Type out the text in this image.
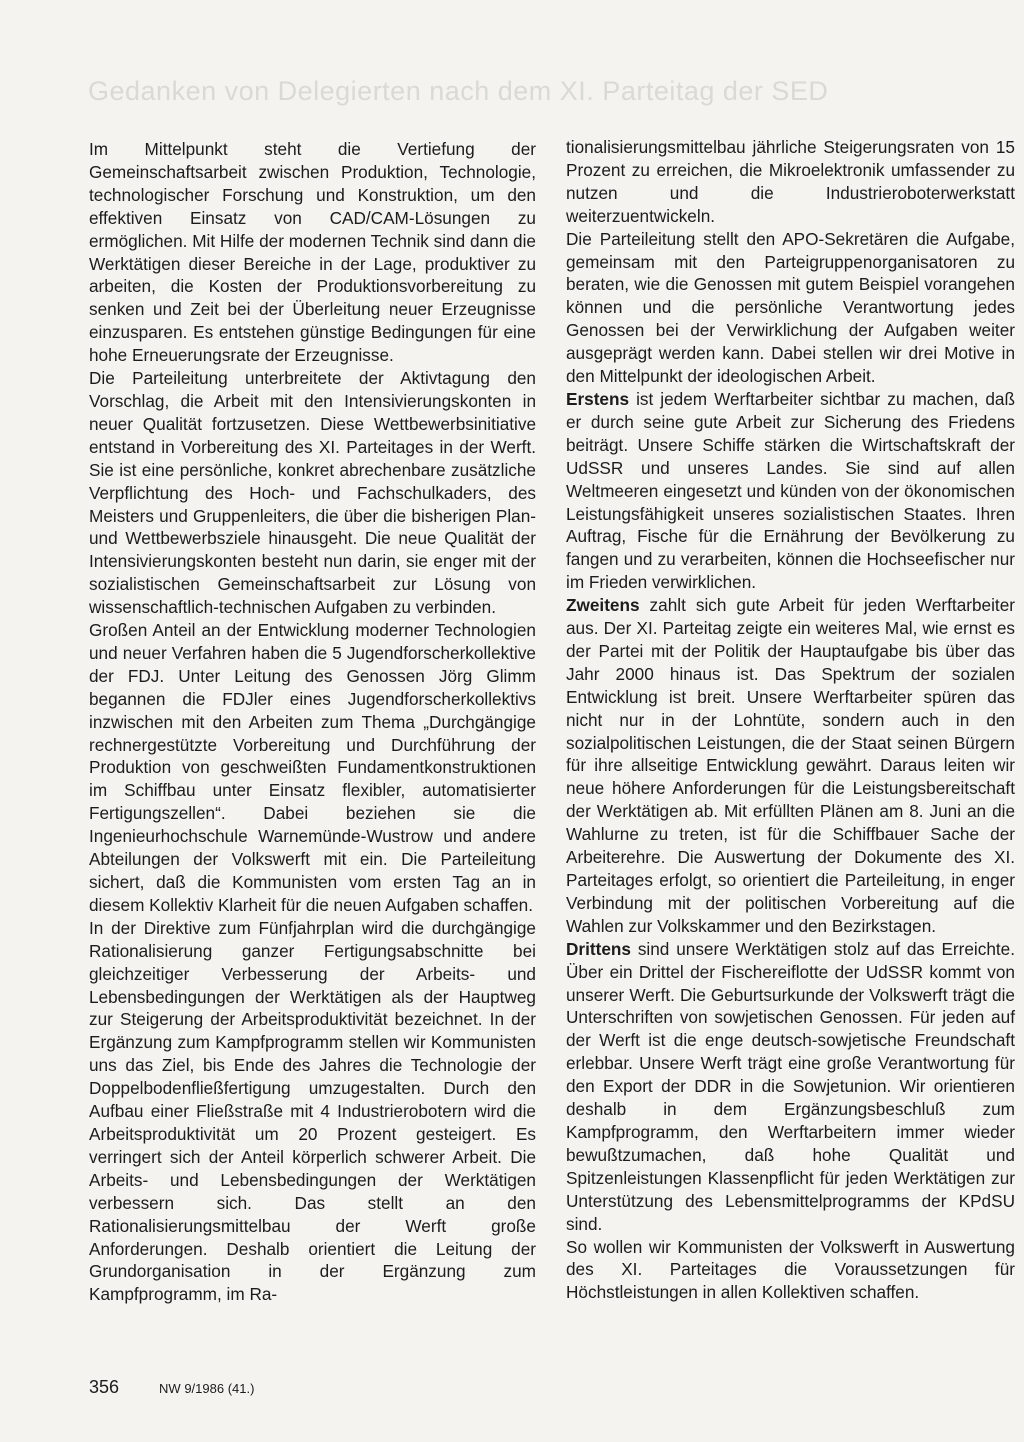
Gedanken von Delegierten nach dem XI. Parteitag der SED

Im Mittelpunkt steht die Vertiefung der Gemeinschaftsarbeit zwischen Produktion, Technologie, technologischer Forschung und Konstruktion, um den effektiven Einsatz von CAD/CAM-Lösungen zu ermöglichen. Mit Hilfe der modernen Technik sind dann die Werktätigen dieser Bereiche in der Lage, produktiver zu arbeiten, die Kosten der Produktionsvorbereitung zu senken und Zeit bei der Überleitung neuer Erzeugnisse einzusparen. Es entstehen günstige Bedingungen für eine hohe Erneuerungsrate der Erzeugnisse.

Die Parteileitung unterbreitete der Aktivtagung den Vorschlag, die Arbeit mit den Intensivierungskonten in neuer Qualität fortzusetzen. Diese Wettbewerbsinitiative entstand in Vorbereitung des XI. Parteitages in der Werft. Sie ist eine persönliche, konkret abrechenbare zusätzliche Verpflichtung des Hoch- und Fachschulkaders, des Meisters und Gruppenleiters, die über die bisherigen Plan- und Wettbewerbsziele hinausgeht. Die neue Qualität der Intensivierungskonten besteht nun darin, sie enger mit der sozialistischen Gemeinschaftsarbeit zur Lösung von wissenschaftlich-technischen Aufgaben zu verbinden.

Großen Anteil an der Entwicklung moderner Technologien und neuer Verfahren haben die 5 Jugendforscherkollektive der FDJ. Unter Leitung des Genossen Jörg Glimm begannen die FDJler eines Jugendforscherkollektivs inzwischen mit den Arbeiten zum Thema „Durchgängige rechnergestützte Vorbereitung und Durchführung der Produktion von geschweißten Fundamentkonstruktionen im Schiffbau unter Einsatz flexibler, automatisierter Fertigungszellen“. Dabei beziehen sie die Ingenieurhochschule Warnemünde-Wustrow und andere Abteilungen der Volkswerft mit ein. Die Parteileitung sichert, daß die Kommunisten vom ersten Tag an in diesem Kollektiv Klarheit für die neuen Aufgaben schaffen.

In der Direktive zum Fünfjahrplan wird die durchgängige Rationalisierung ganzer Fertigungsabschnitte bei gleichzeitiger Verbesserung der Arbeits- und Lebensbedingungen der Werktätigen als der Hauptweg zur Steigerung der Arbeitsproduktivität bezeichnet. In der Ergänzung zum Kampfprogramm stellen wir Kommunisten uns das Ziel, bis Ende des Jahres die Technologie der Doppelbodenfließfertigung umzugestalten. Durch den Aufbau einer Fließstraße mit 4 Industrierobotern wird die Arbeitsproduktivität um 20 Prozent gesteigert. Es verringert sich der Anteil körperlich schwerer Arbeit. Die Arbeits- und Lebensbedingungen der Werktätigen verbessern sich. Das stellt an den Rationalisierungsmittelbau der Werft große Anforderungen. Deshalb orientiert die Leitung der Grundorganisation in der Ergänzung zum Kampfprogramm, im Ra-

tionalisierungsmittelbau jährliche Steigerungsraten von 15 Prozent zu erreichen, die Mikroelektronik umfassender zu nutzen und die Industrieroboterwerkstatt weiterzuentwickeln.

Die Parteileitung stellt den APO-Sekretären die Aufgabe, gemeinsam mit den Parteigruppenorganisatoren zu beraten, wie die Genossen mit gutem Beispiel vorangehen können und die persönliche Verantwortung jedes Genossen bei der Verwirklichung der Aufgaben weiter ausgeprägt werden kann. Dabei stellen wir drei Motive in den Mittelpunkt der ideologischen Arbeit.

Erstens ist jedem Werftarbeiter sichtbar zu machen, daß er durch seine gute Arbeit zur Sicherung des Friedens beiträgt. Unsere Schiffe stärken die Wirtschaftskraft der UdSSR und unseres Landes. Sie sind auf allen Weltmeeren eingesetzt und künden von der ökonomischen Leistungsfähigkeit unseres sozialistischen Staates. Ihren Auftrag, Fische für die Ernährung der Bevölkerung zu fangen und zu verarbeiten, können die Hochseefischer nur im Frieden verwirklichen.

Zweitens zahlt sich gute Arbeit für jeden Werftarbeiter aus. Der XI. Parteitag zeigte ein weiteres Mal, wie ernst es der Partei mit der Politik der Hauptaufgabe bis über das Jahr 2000 hinaus ist. Das Spektrum der sozialen Entwicklung ist breit. Unsere Werftarbeiter spüren das nicht nur in der Lohntüte, sondern auch in den sozialpolitischen Leistungen, die der Staat seinen Bürgern für ihre allseitige Entwicklung gewährt. Daraus leiten wir neue höhere Anforderungen für die Leistungsbereitschaft der Werktätigen ab. Mit erfüllten Plänen am 8. Juni an die Wahlurne zu treten, ist für die Schiffbauer Sache der Arbeiterehre. Die Auswertung der Dokumente des XI. Parteitages erfolgt, so orientiert die Parteileitung, in enger Verbindung mit der politischen Vorbereitung auf die Wahlen zur Volkskammer und den Bezirkstagen.

Drittens sind unsere Werktätigen stolz auf das Erreichte. Über ein Drittel der Fischereiflotte der UdSSR kommt von unserer Werft. Die Geburtsurkunde der Volkswerft trägt die Unterschriften von sowjetischen Genossen. Für jeden auf der Werft ist die enge deutsch-sowjetische Freundschaft erlebbar. Unsere Werft trägt eine große Verantwortung für den Export der DDR in die Sowjetunion. Wir orientieren deshalb in dem Ergänzungsbeschluß zum Kampfprogramm, den Werftarbeitern immer wieder bewußtzumachen, daß hohe Qualität und Spitzenleistungen Klassenpflicht für jeden Werktätigen zur Unterstützung des Lebensmittelprogramms der KPdSU sind.

So wollen wir Kommunisten der Volkswerft in Auswertung des XI. Parteitages die Voraussetzungen für Höchstleistungen in allen Kollektiven schaffen.

356	NW 9/1986 (41.)
